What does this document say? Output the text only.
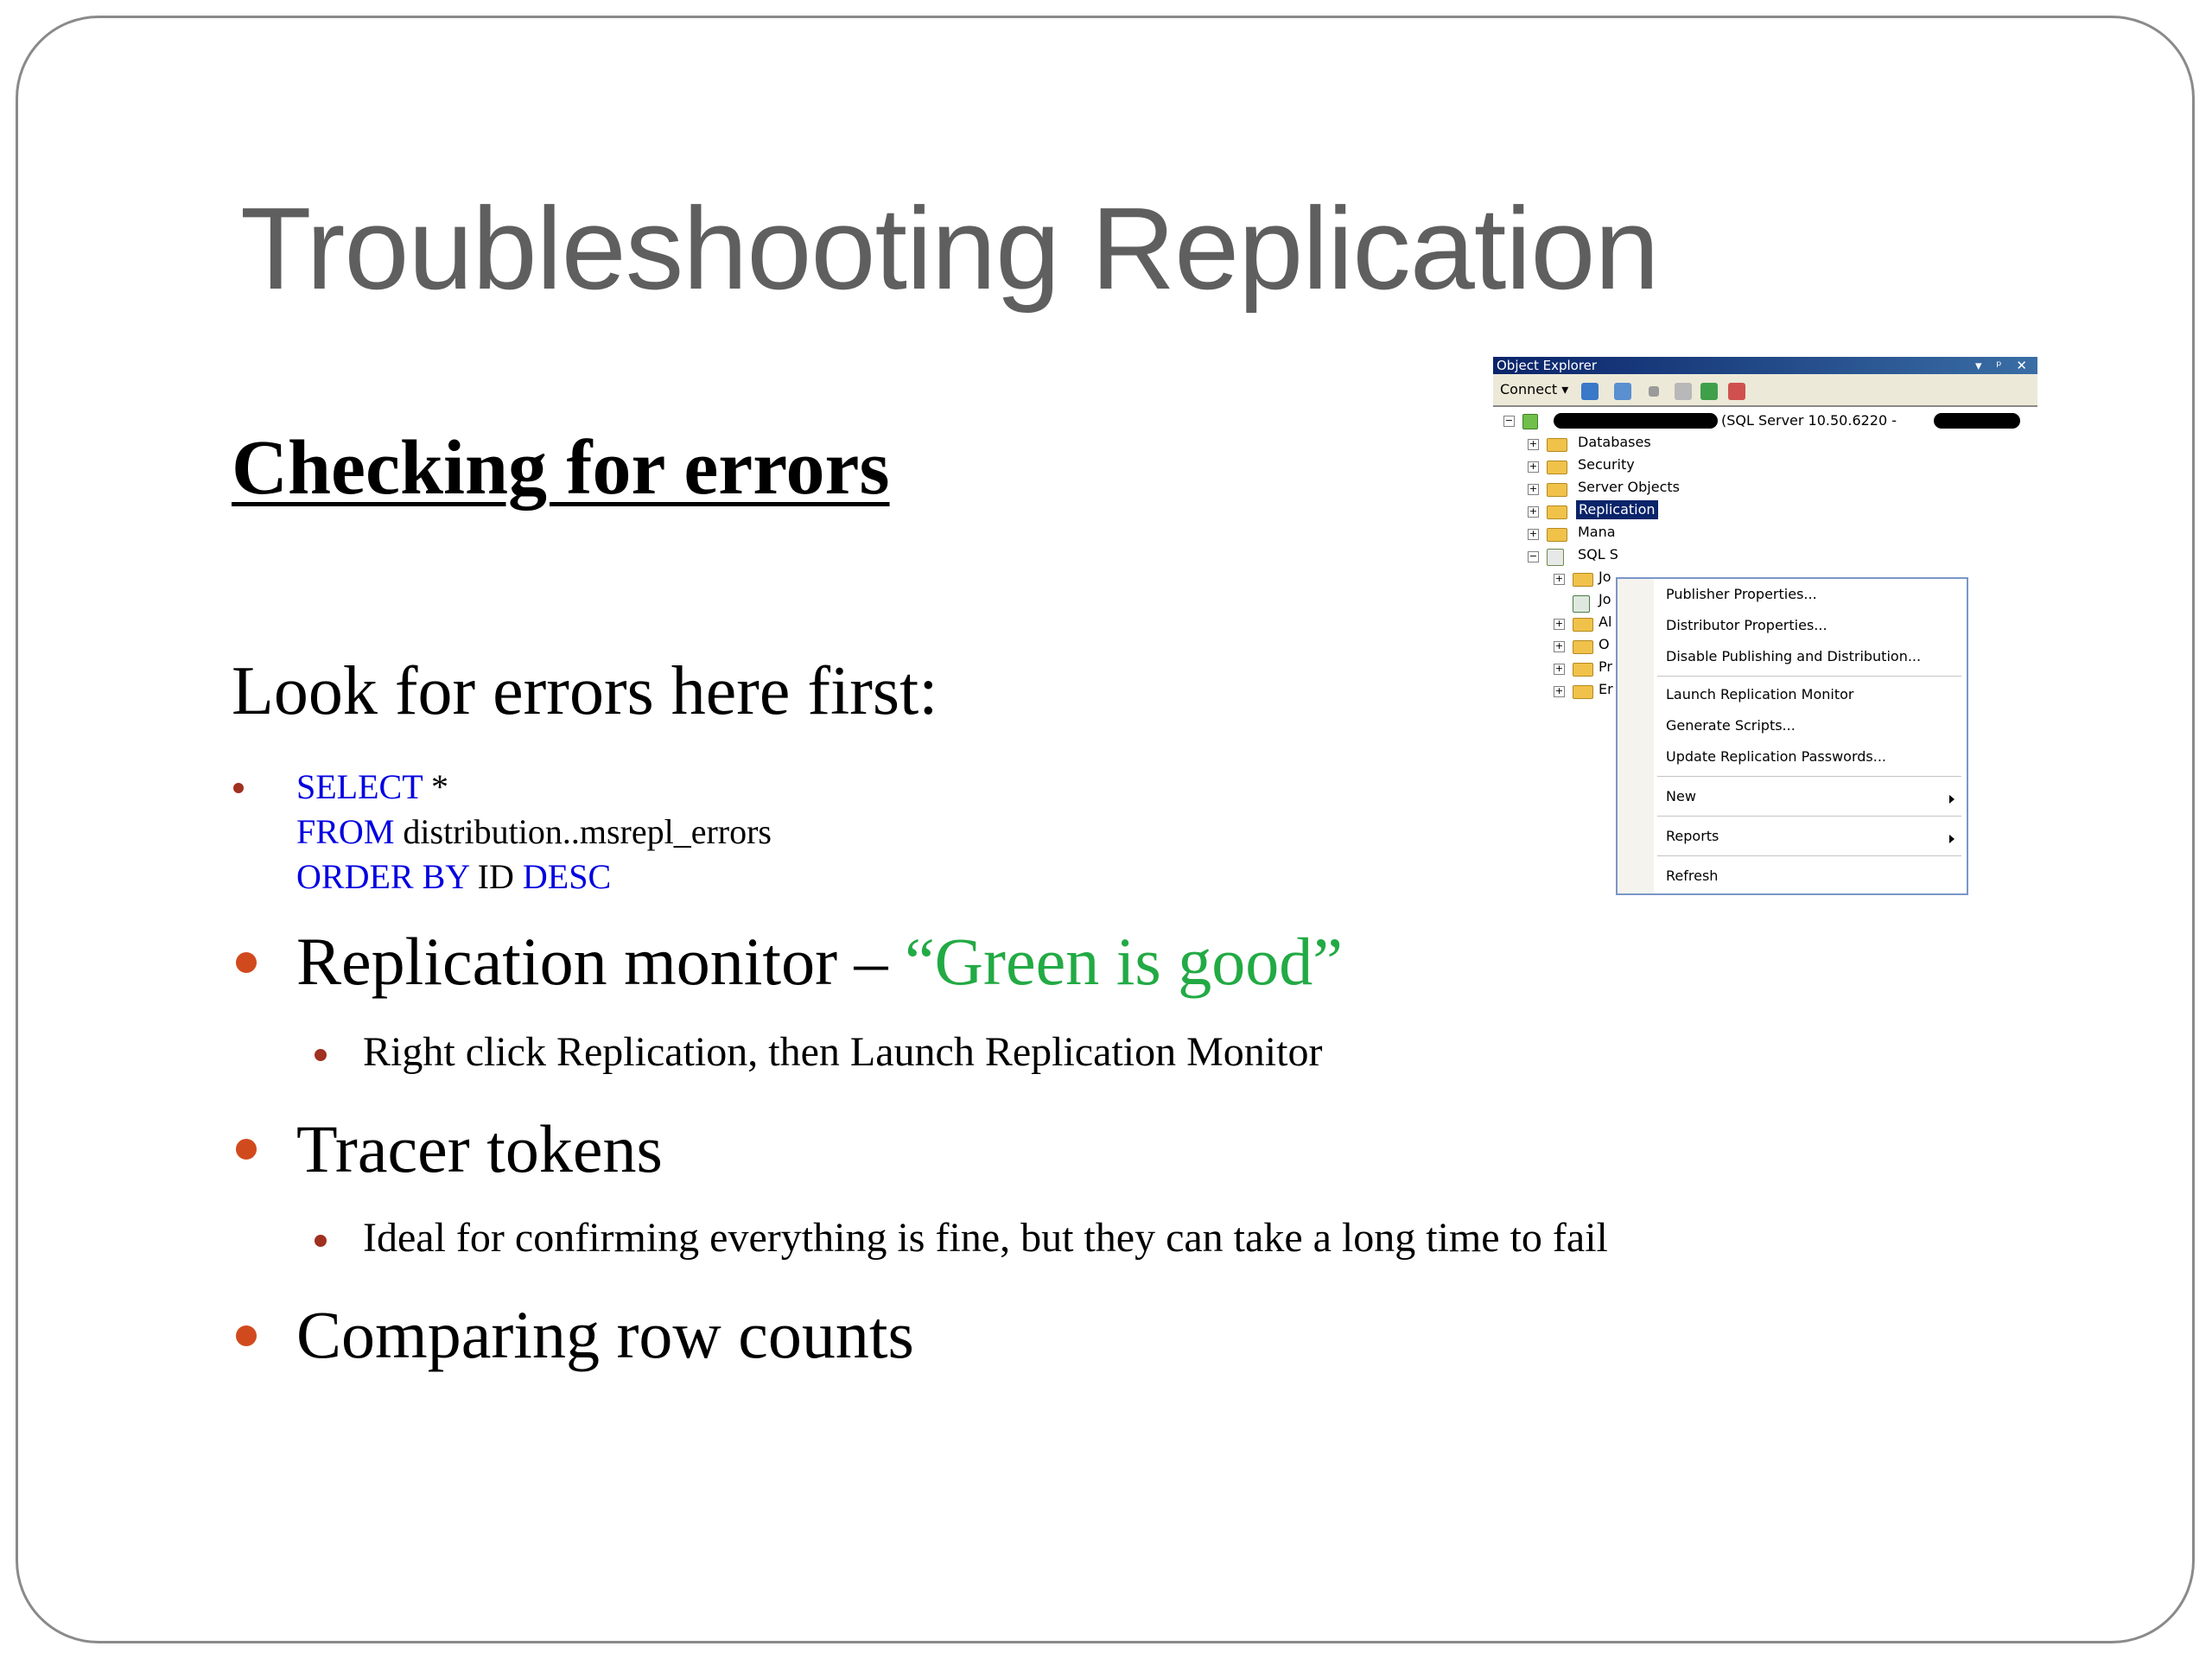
Troubleshooting Replication
Checking for errors
Look for errors here first:
SELECT *
FROM distribution..msrepl_errors
ORDER BY ID DESC
Replication monitor – “Green is good”
Right click Replication, then Launch Replication Monitor
Tracer tokens
Ideal for confirming everything is fine, but they can take a long time to fail
Comparing row counts
Object Explorer	▾ ᵖ ✕
Connect ▾
−	(SQL Server 10.50.6220 -
+	Databases
+	Security
+	Server Objects
+	Replication
+	Mana
−	SQL S
+	Jo
Jo
+	Al
+	O
+	Pr
+	Er
Publisher Properties...
Distributor Properties...
Disable Publishing and Distribution...
Launch Replication Monitor
Generate Scripts...
Update Replication Passwords...
New
Reports
Refresh
